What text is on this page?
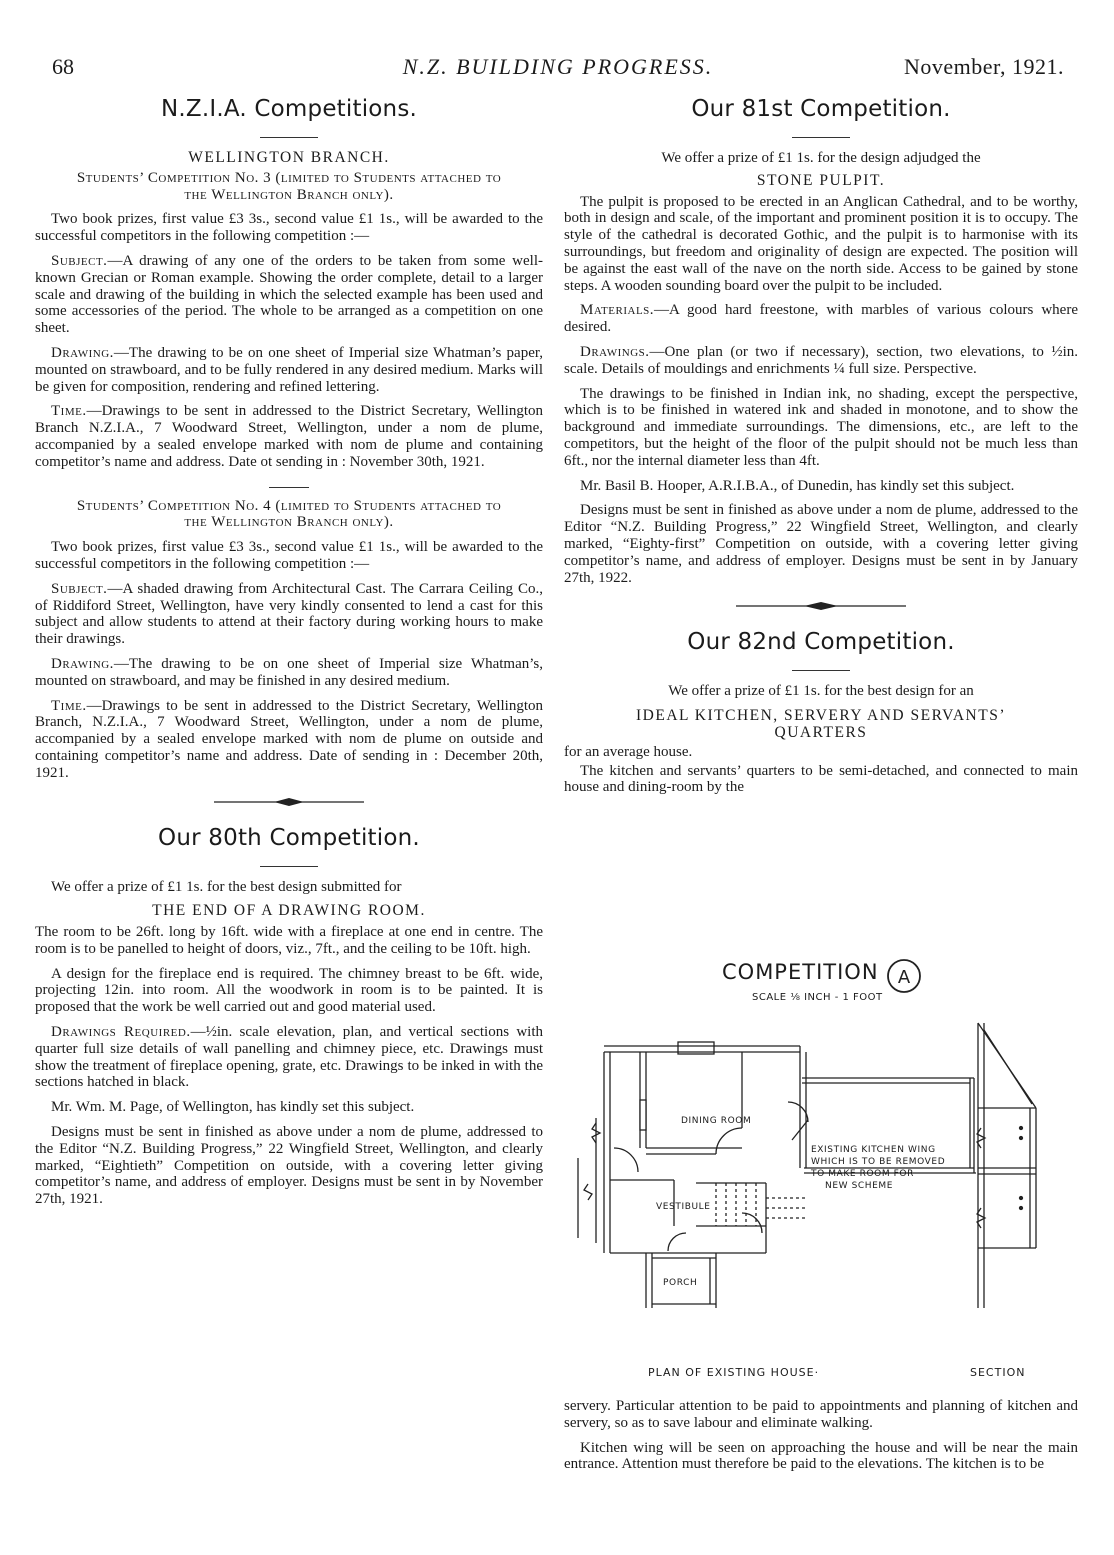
68	N.Z. BUILDING PROGRESS.	November, 1921.
N.Z.I.A. Competitions.
WELLINGTON BRANCH.
Students’ Competition No. 3 (limited to Students attached to the Wellington Branch only).

Two book prizes, first value £3 3s., second value £1 1s., will be awarded to the successful competitors in the following competition :—

Subject.—A drawing of any one of the orders to be taken from some well-known Grecian or Roman example. Showing the order complete, detail to a larger scale and drawing of the building in which the selected example has been used and some accessories of the period. The whole to be arranged as a competition on one sheet.

Drawing.—The drawing to be on one sheet of Imperial size Whatman’s paper, mounted on strawboard, and to be fully rendered in any desired medium. Marks will be given for composition, rendering and refined lettering.

Time.—Drawings to be sent in addressed to the District Secretary, Wellington Branch N.Z.I.A., 7 Woodward Street, Wellington, under a nom de plume, accompanied by a sealed envelope marked with nom de plume and containing competitor’s name and address. Date ot sending in : November 30th, 1921.

Students’ Competition No. 4 (limited to Students attached to the Wellington Branch only).

Two book prizes, first value £3 3s., second value £1 1s., will be awarded to the successful competitors in the following competition :—

Subject.—A shaded drawing from Architectural Cast. The Carrara Ceiling Co., of Riddiford Street, Wellington, have very kindly consented to lend a cast for this subject and allow students to attend at their factory during working hours to make their drawings.

Drawing.—The drawing to be on one sheet of Imperial size Whatman’s, mounted on strawboard, and may be finished in any desired medium.

Time.—Drawings to be sent in addressed to the District Secretary, Wellington Branch, N.Z.I.A., 7 Woodward Street, Wellington, under a nom de plume, accompanied by a sealed envelope marked with nom de plume on outside and containing competitor’s name and address. Date of sending in : December 20th, 1921.

Our 80th Competition.

We offer a prize of £1 1s. for the best design submitted for

THE END OF A DRAWING ROOM.

The room to be 26ft. long by 16ft. wide with a fireplace at one end in centre. The room is to be panelled to height of doors, viz., 7ft., and the ceiling to be 10ft. high.

A design for the fireplace end is required. The chimney breast to be 6ft. wide, projecting 12in. into room. All the woodwork in room is to be painted. It is proposed that the work be well carried out and good material used.

Drawings Required.—½in. scale elevation, plan, and vertical sections with quarter full size details of wall panelling and chimney piece, etc. Drawings must show the treatment of fireplace opening, grate, etc. Drawings to be inked in with the sections hatched in black.

Mr. Wm. M. Page, of Wellington, has kindly set this subject.

Designs must be sent in finished as above under a nom de plume, addressed to the Editor “N.Z. Building Progress,” 22 Wingfield Street, Wellington, and clearly marked, “Eightieth” Competition on outside, with a covering letter giving competitor’s name, and address of employer. Designs must be sent in by November 27th, 1921.

Our 81st Competition.
We offer a prize of £1 1s. for the design adjudged the
STONE PULPIT.

The pulpit is proposed to be erected in an Anglican Cathedral, and to be worthy, both in design and scale, of the important and prominent position it is to occupy. The style of the cathedral is decorated Gothic, and the pulpit is to harmonise with its surroundings, but freedom and originality of design are expected. The position will be against the east wall of the nave on the north side. Access to be gained by stone steps. A wooden sounding board over the pulpit to be included.

Materials.—A good hard freestone, with marbles of various colours where desired.

Drawings.—One plan (or two if necessary), section, two elevations, to ½in. scale. Details of mouldings and enrichments ¼ full size. Perspective.

The drawings to be finished in Indian ink, no shading, except the perspective, which is to be finished in watered ink and shaded in monotone, and to show the background and immediate surroundings. The dimensions, etc., are left to the competitors, but the height of the floor of the pulpit should not be much less than 6ft., nor the internal diameter less than 4ft.

Mr. Basil B. Hooper, A.R.I.B.A., of Dunedin, has kindly set this subject.

Designs must be sent in finished as above under a nom de plume, addressed to the Editor “N.Z. Building Progress,” 22 Wingfield Street, Wellington, and clearly marked, “Eighty-first” Competition on outside, with a covering letter giving competitor’s name, and address of employer. Designs must be sent in by January 27th, 1922.

Our 82nd Competition.
We offer a prize of £1 1s. for the best design for an
IDEAL KITCHEN, SERVERY AND SERVANTS’ QUARTERS

for an average house.

The kitchen and servants’ quarters to be semi-detached, and connected to main house and dining-room by the

COMPETITION A
SCALE ⅛ INCH - 1 FOOT
DINING ROOM
VESTIBULE
PORCH
EXISTING KITCHEN WING
WHICH IS TO BE REMOVED
TO MAKE ROOM FOR
NEW SCHEME
PLAN OF EXISTING HOUSE·	SECTION

servery. Particular attention to be paid to appointments and planning of kitchen and servery, so as to save labour and eliminate walking.

Kitchen wing will be seen on approaching the house and will be near the main entrance. Attention must therefore be paid to the elevations. The kitchen is to be
